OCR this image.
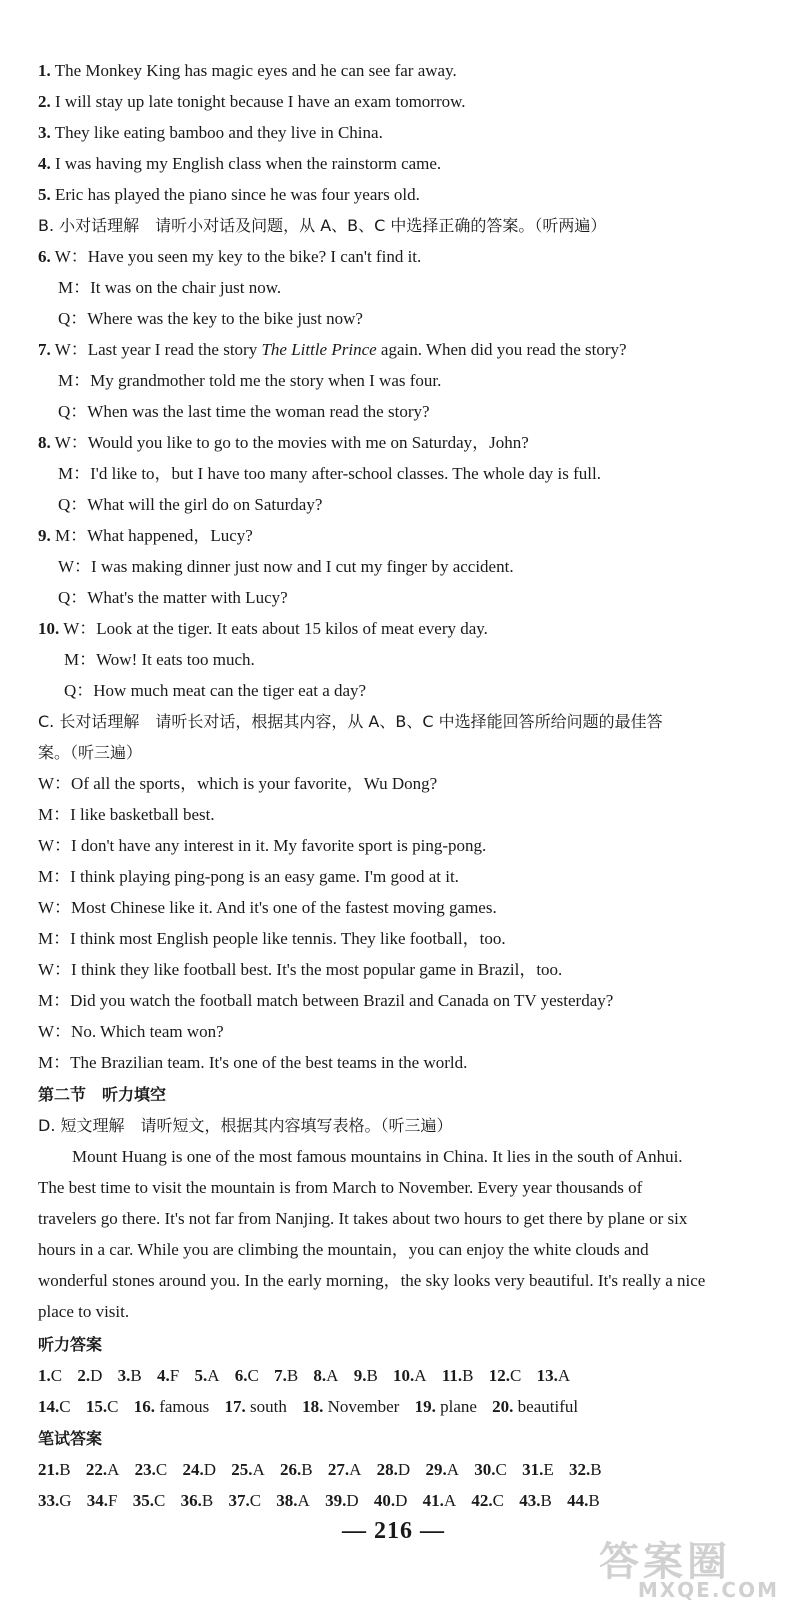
1. The Monkey King has magic eyes and he can see far away.
2. I will stay up late tonight because I have an exam tomorrow.
3. They like eating bamboo and they live in China.
4. I was having my English class when the rainstorm came.
5. Eric has played the piano since he was four years old.
B. 小对话理解　请听小对话及问题，从 A、B、C 中选择正确的答案。（听两遍）
6. W：Have you seen my key to the bike? I can't find it.
M：It was on the chair just now.
Q：Where was the key to the bike just now?
7. W：Last year I read the story The Little Prince again. When did you read the story?
M：My grandmother told me the story when I was four.
Q：When was the last time the woman read the story?
8. W：Would you like to go to the movies with me on Saturday，John?
M：I'd like to，but I have too many after-school classes. The whole day is full.
Q：What will the girl do on Saturday?
9. M：What happened，Lucy?
W：I was making dinner just now and I cut my finger by accident.
Q：What's the matter with Lucy?
10. W：Look at the tiger. It eats about 15 kilos of meat every day.
M：Wow! It eats too much.
Q：How much meat can the tiger eat a day?
C. 长对话理解　请听长对话，根据其内容，从 A、B、C 中选择能回答所给问题的最佳答
案。（听三遍）
W：Of all the sports，which is your favorite，Wu Dong?
M：I like basketball best.
W：I don't have any interest in it. My favorite sport is ping-pong.
M：I think playing ping-pong is an easy game. I'm good at it.
W：Most Chinese like it. And it's one of the fastest moving games.
M：I think most English people like tennis. They like football，too.
W：I think they like football best. It's the most popular game in Brazil，too.
M：Did you watch the football match between Brazil and Canada on TV yesterday?
W：No. Which team won?
M：The Brazilian team. It's one of the best teams in the world.
第二节　听力填空
D. 短文理解　请听短文，根据其内容填写表格。（听三遍）
Mount Huang is one of the most famous mountains in China. It lies in the south of Anhui.
The best time to visit the mountain is from March to November. Every year thousands of
travelers go there. It's not far from Nanjing. It takes about two hours to get there by plane or six
hours in a car. While you are climbing the mountain，you can enjoy the white clouds and
wonderful stones around you. In the early morning，the sky looks very beautiful. It's really a nice
place to visit.
听力答案
1.C 2.D 3.B 4.F 5.A 6.C 7.B 8.A 9.B 10.A 11.B 12.C 13.A
14.C 15.C 16. famous 17. south 18. November 19. plane 20. beautiful
笔试答案
21.B 22.A 23.C 24.D 25.A 26.B 27.A 28.D 29.A 30.C 31.E 32.B
33.G 34.F 35.C 36.B 37.C 38.A 39.D 40.D 41.A 42.C 43.B 44.B
— 216 —
答案圈
MXQE.COM
